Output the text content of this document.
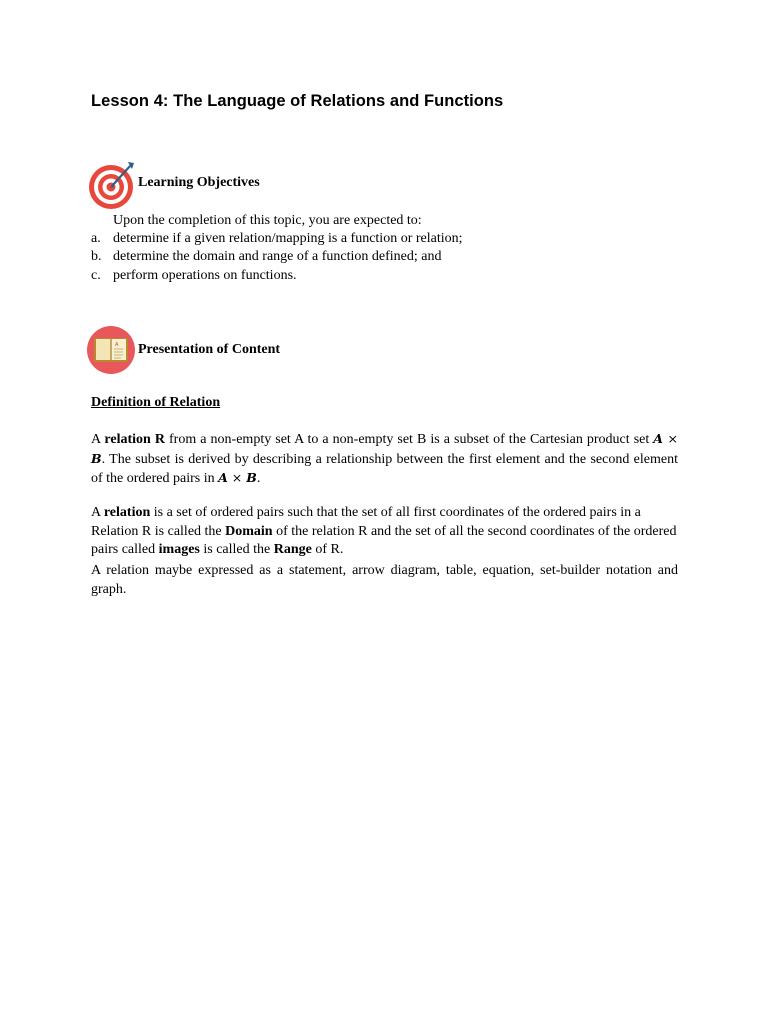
Lesson 4: The Language of Relations and Functions
Learning Objectives
Upon the completion of this topic, you are expected to:
a. determine if a given relation/mapping is a function or relation;
b. determine the domain and range of a function defined; and
c. perform operations on functions.
A Presentation of Content
Definition of Relation
A relation R from a non-empty set A to a non-empty set B is a subset of the Cartesian product set A × B. The subset is derived by describing a relationship between the first element and the second element of the ordered pairs in A × B.
A relation is a set of ordered pairs such that the set of all first coordinates of the ordered pairs in a Relation R is called the Domain of the relation R and the set of all the second coordinates of the ordered pairs called images is called the Range of R.
A relation maybe expressed as a statement, arrow diagram, table, equation, set-builder notation and graph.
